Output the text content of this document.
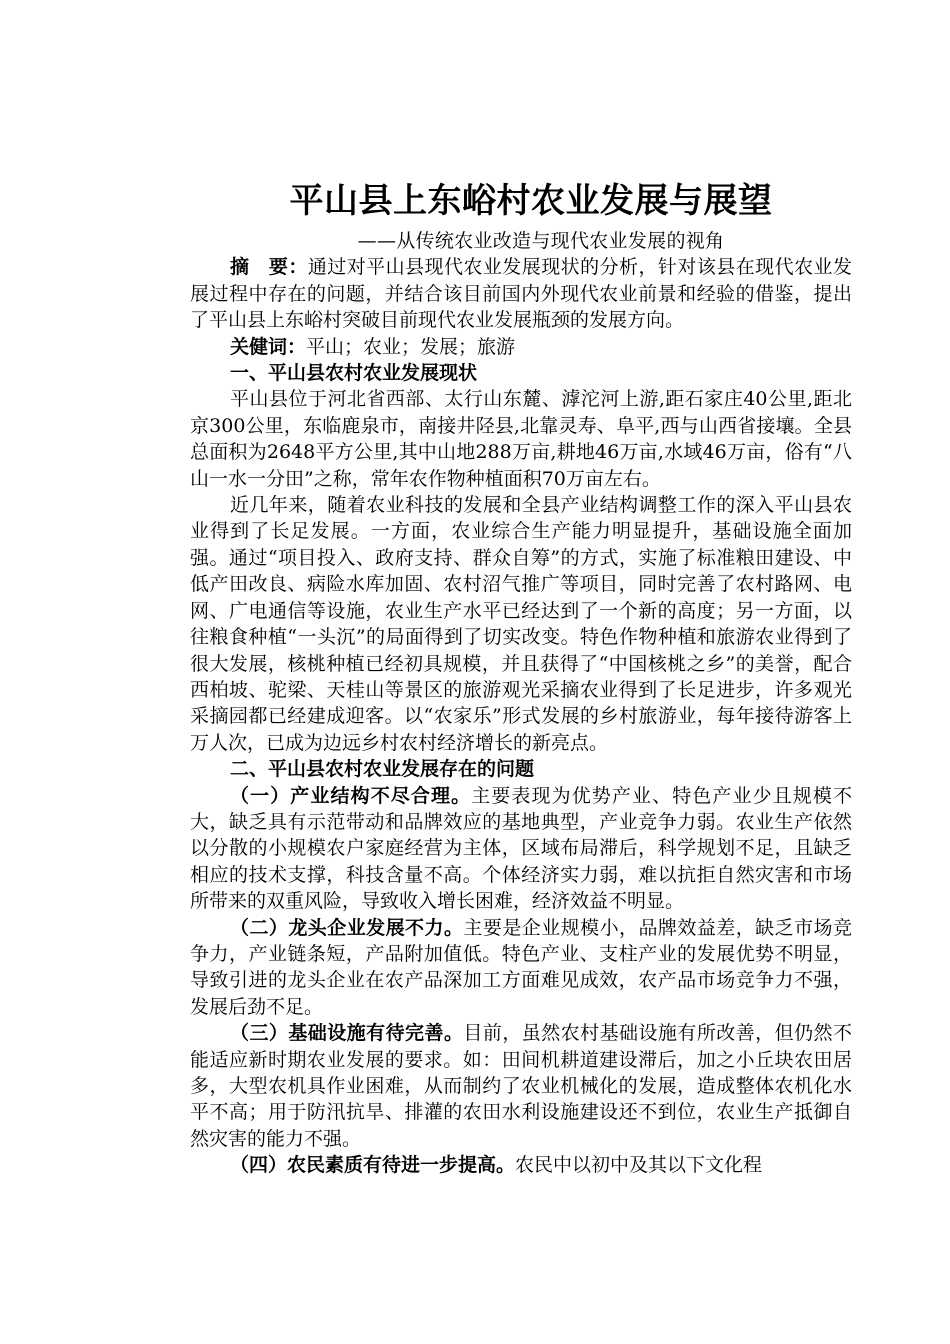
平山县上东峪村农业发展与展望
——从传统农业改造与现代农业发展的视角

摘　要：通过对平山县现代农业发展现状的分析，针对该县在现代农业发展过程中存在的问题，并结合该目前国内外现代农业前景和经验的借鉴，提出了平山县上东峪村突破目前现代农业发展瓶颈的发展方向。

关健词：平山；农业；发展；旅游

一、平山县农村农业发展现状

平山县位于河北省西部、太行山东麓、滹沱河上游,距石家庄40公里,距北京300公里，东临鹿泉市，南接井陉县,北靠灵寿、阜平,西与山西省接壤。全县总面积为2648平方公里,其中山地288万亩,耕地46万亩,水域46万亩，俗有“八山一水一分田”之称，常年农作物种植面积70万亩左右。

近几年来，随着农业科技的发展和全县产业结构调整工作的深入平山县农业得到了长足发展。一方面，农业综合生产能力明显提升，基础设施全面加强。通过“项目投入、政府支持、群众自筹”的方式，实施了标准粮田建设、中低产田改良、病险水库加固、农村沼气推广等项目，同时完善了农村路网、电网、广电通信等设施，农业生产水平已经达到了一个新的高度；另一方面，以往粮食种植“一头沉”的局面得到了切实改变。特色作物种植和旅游农业得到了很大发展，核桃种植已经初具规模，并且获得了“中国核桃之乡”的美誉，配合西柏坡、驼梁、天桂山等景区的旅游观光采摘农业得到了长足进步，许多观光采摘园都已经建成迎客。以“农家乐”形式发展的乡村旅游业，每年接待游客上万人次，已成为边远乡村农村经济增长的新亮点。

二、平山县农村农业发展存在的问题

（一）产业结构不尽合理。主要表现为优势产业、特色产业少且规模不大，缺乏具有示范带动和品牌效应的基地典型，产业竞争力弱。农业生产依然以分散的小规模农户家庭经营为主体，区域布局滞后，科学规划不足，且缺乏相应的技术支撑，科技含量不高。个体经济实力弱，难以抗拒自然灾害和市场所带来的双重风险，导致收入增长困难，经济效益不明显。

（二）龙头企业发展不力。主要是企业规模小，品牌效益差，缺乏市场竞争力，产业链条短，产品附加值低。特色产业、支柱产业的发展优势不明显，导致引进的龙头企业在农产品深加工方面难见成效，农产品市场竞争力不强，发展后劲不足。

（三）基础设施有待完善。目前，虽然农村基础设施有所改善，但仍然不能适应新时期农业发展的要求。如：田间机耕道建设滞后，加之小丘块农田居多，大型农机具作业困难，从而制约了农业机械化的发展，造成整体农机化水平不高；用于防汛抗旱、排灌的农田水利设施建设还不到位，农业生产抵御自然灾害的能力不强。

（四）农民素质有待进一步提高。农民中以初中及其以下文化程
